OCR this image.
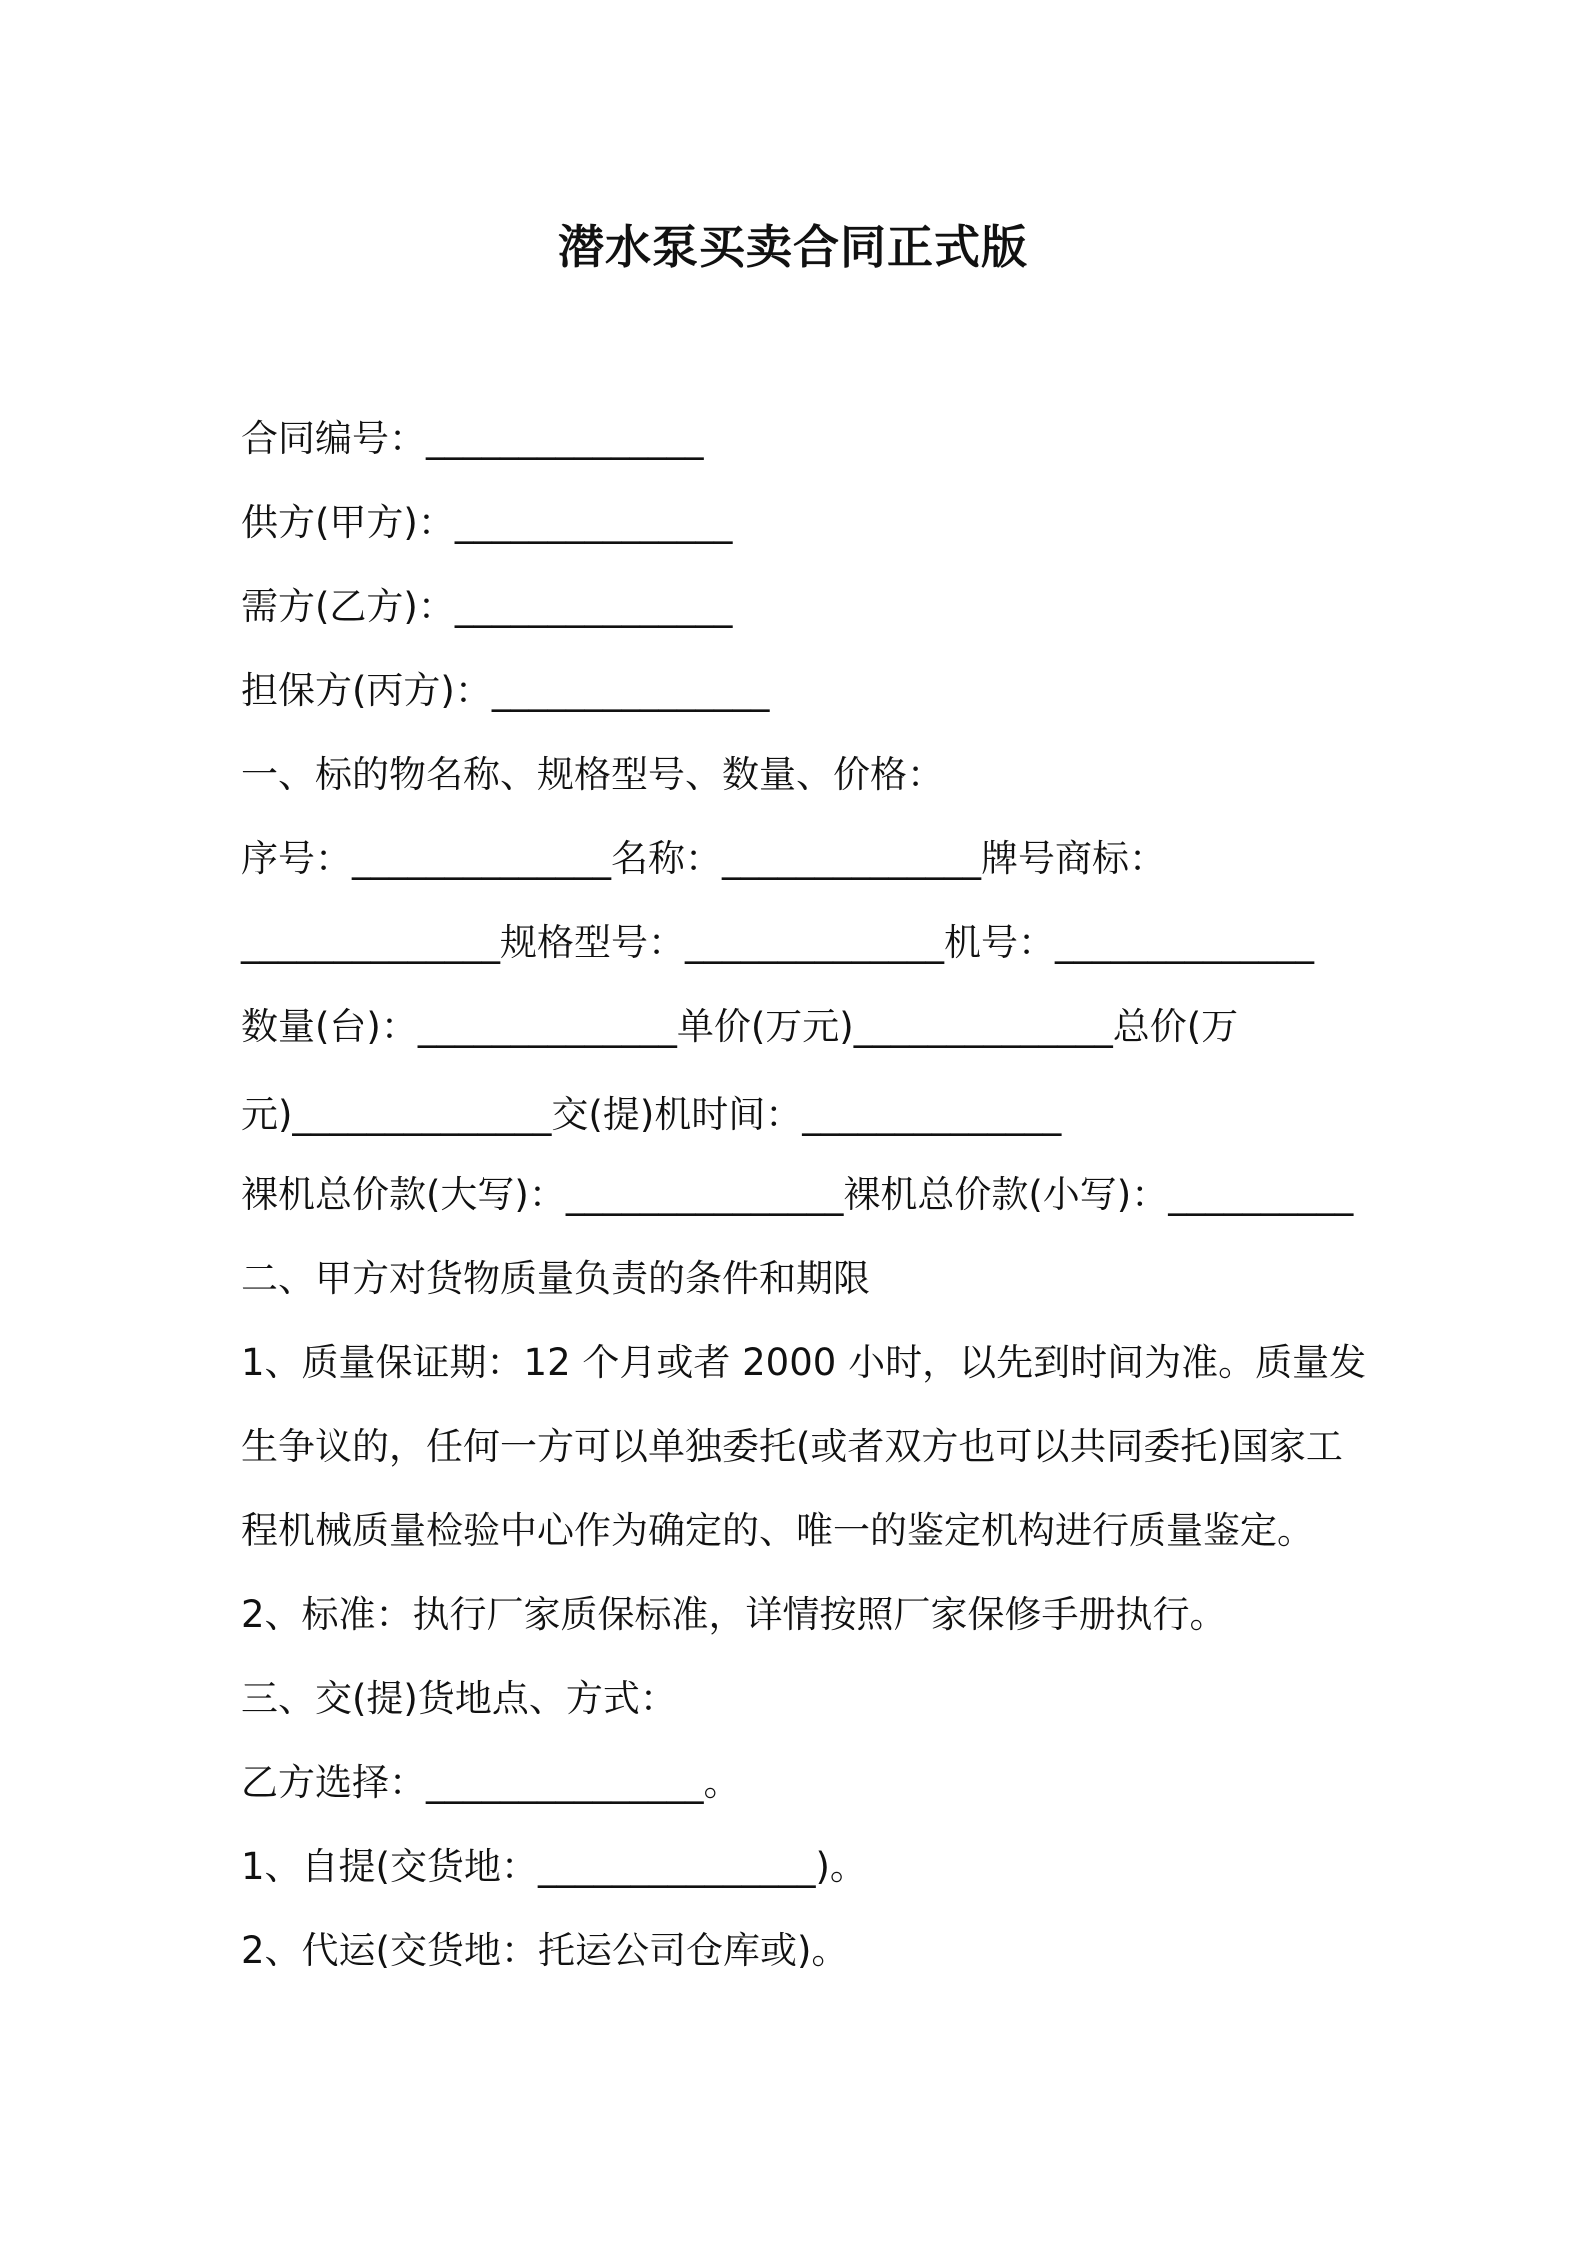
潜水泵买卖合同正式版
合同编号：_______________
供方(甲方)：_______________
需方(乙方)：_______________
担保方(丙方)：_______________
一、标的物名称、规格型号、数量、价格：
序号：______________名称：______________牌号商标：
______________规格型号：______________机号：______________
数量(台)：______________单价(万元)______________总价(万
元)______________交(提)机时间：______________
裸机总价款(大写)：_______________裸机总价款(小写)：__________
二、甲方对货物质量负责的条件和期限
1、质量保证期：12 个月或者 2000 小时，以先到时间为准。质量发
生争议的，任何一方可以单独委托(或者双方也可以共同委托)国家工
程机械质量检验中心作为确定的、唯一的鉴定机构进行质量鉴定。
2、标准：执行厂家质保标准，详情按照厂家保修手册执行。
三、交(提)货地点、方式：
乙方选择：_______________。
1、自提(交货地：_______________)。
2、代运(交货地：托运公司仓库或)。
